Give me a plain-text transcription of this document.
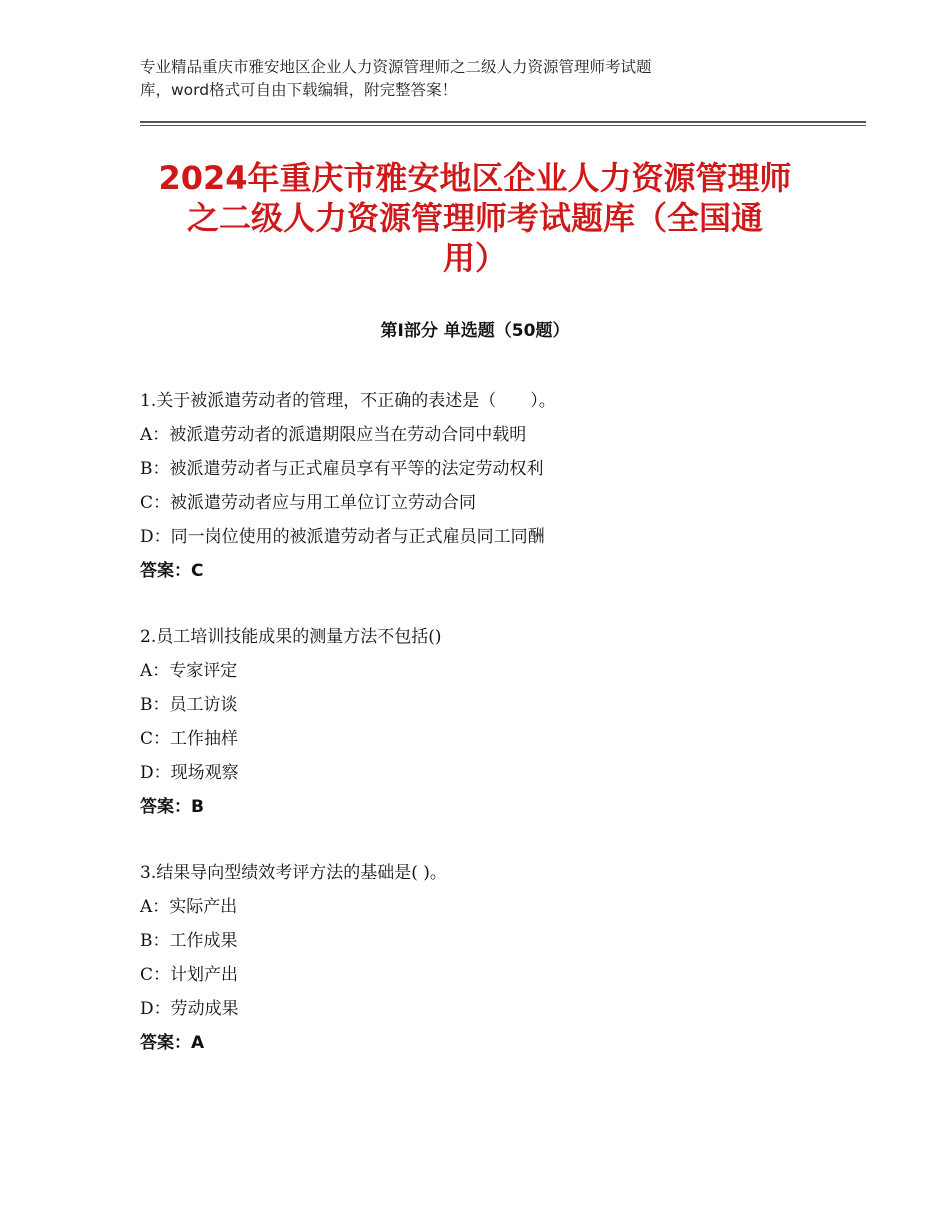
专业精品重庆市雅安地区企业人力资源管理师之二级人力资源管理师考试题
库，word格式可自由下载编辑，附完整答案！
2024年重庆市雅安地区企业人力资源管理师
之二级人力资源管理师考试题库（全国通
用）
第Ⅰ部分 单选题（50题）
1.关于被派遣劳动者的管理，不正确的表述是（　　）。
A：被派遣劳动者的派遣期限应当在劳动合同中载明
B：被派遣劳动者与正式雇员享有平等的法定劳动权利
C：被派遣劳动者应与用工单位订立劳动合同
D：同一岗位使用的被派遣劳动者与正式雇员同工同酬
答案：C
2.员工培训技能成果的测量方法不包括()
A：专家评定
B：员工访谈
C：工作抽样
D：现场观察
答案：B
3.结果导向型绩效考评方法的基础是( )。
A：实际产出
B：工作成果
C：计划产出
D：劳动成果
答案：A
